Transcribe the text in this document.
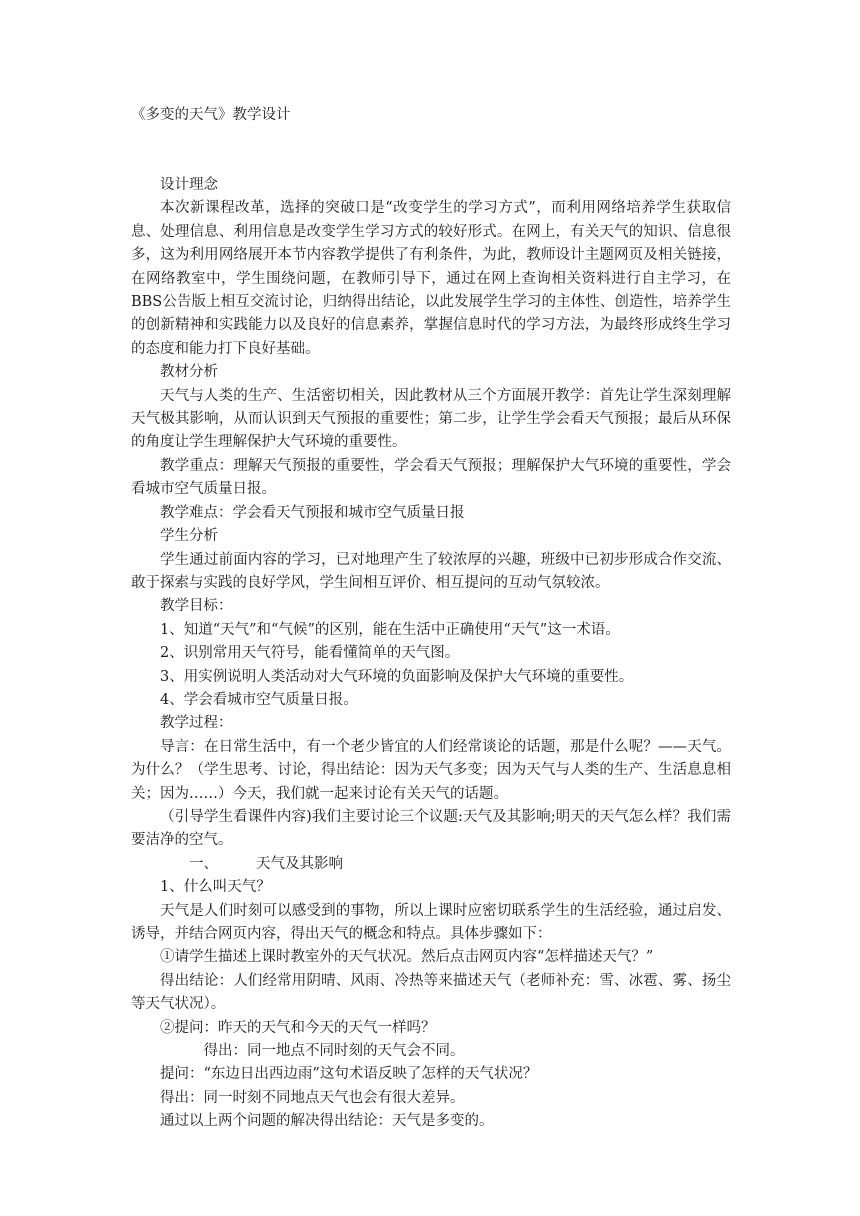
《多变的天气》教学设计

设计理念

本次新课程改革，选择的突破口是“改变学生的学习方式”，而利用网络培养学生获取信息、处理信息、利用信息是改变学生学习方式的较好形式。在网上，有关天气的知识、信息很多，这为利用网络展开本节内容教学提供了有利条件，为此，教师设计主题网页及相关链接，在网络教室中，学生围绕问题，在教师引导下，通过在网上查询相关资料进行自主学习，在BBS公告版上相互交流讨论，归纳得出结论，以此发展学生学习的主体性、创造性，培养学生的创新精神和实践能力以及良好的信息素养，掌握信息时代的学习方法，为最终形成终生学习的态度和能力打下良好基础。

教材分析

天气与人类的生产、生活密切相关，因此教材从三个方面展开教学：首先让学生深刻理解天气极其影响，从而认识到天气预报的重要性；第二步，让学生学会看天气预报；最后从环保的角度让学生理解保护大气环境的重要性。

教学重点：理解天气预报的重要性，学会看天气预报；理解保护大气环境的重要性，学会看城市空气质量日报。

教学难点：学会看天气预报和城市空气质量日报

学生分析

学生通过前面内容的学习，已对地理产生了较浓厚的兴趣，班级中已初步形成合作交流、敢于探索与实践的良好学风，学生间相互评价、相互提问的互动气氛较浓。

教学目标：

1、知道“天气”和“气候”的区别，能在生活中正确使用“天气”这一术语。

2、识别常用天气符号，能看懂简单的天气图。

3、用实例说明人类活动对大气环境的负面影响及保护大气环境的重要性。

4、学会看城市空气质量日报。

教学过程：

导言：在日常生活中，有一个老少皆宜的人们经常谈论的话题，那是什么呢？——天气。为什么？（学生思考、讨论，得出结论：因为天气多变；因为天气与人类的生产、生活息息相关；因为……）今天，我们就一起来讨论有关天气的话题。

（引导学生看课件内容)我们主要讨论三个议题:天气及其影响;明天的天气怎么样？我们需要洁净的空气。

一、	天气及其影响

1、什么叫天气？

天气是人们时刻可以感受到的事物，所以上课时应密切联系学生的生活经验，通过启发、诱导，并结合网页内容，得出天气的概念和特点。具体步骤如下：

①请学生描述上课时教室外的天气状况。然后点击网页内容“怎样描述天气？”

得出结论：人们经常用阴晴、风雨、冷热等来描述天气（老师补充：雪、冰雹、雾、扬尘等天气状况）。

②提问：昨天的天气和今天的天气一样吗？

得出：同一地点不同时刻的天气会不同。

提问：“东边日出西边雨”这句术语反映了怎样的天气状况？

得出：同一时刻不同地点天气也会有很大差异。

通过以上两个问题的解决得出结论：天气是多变的。
